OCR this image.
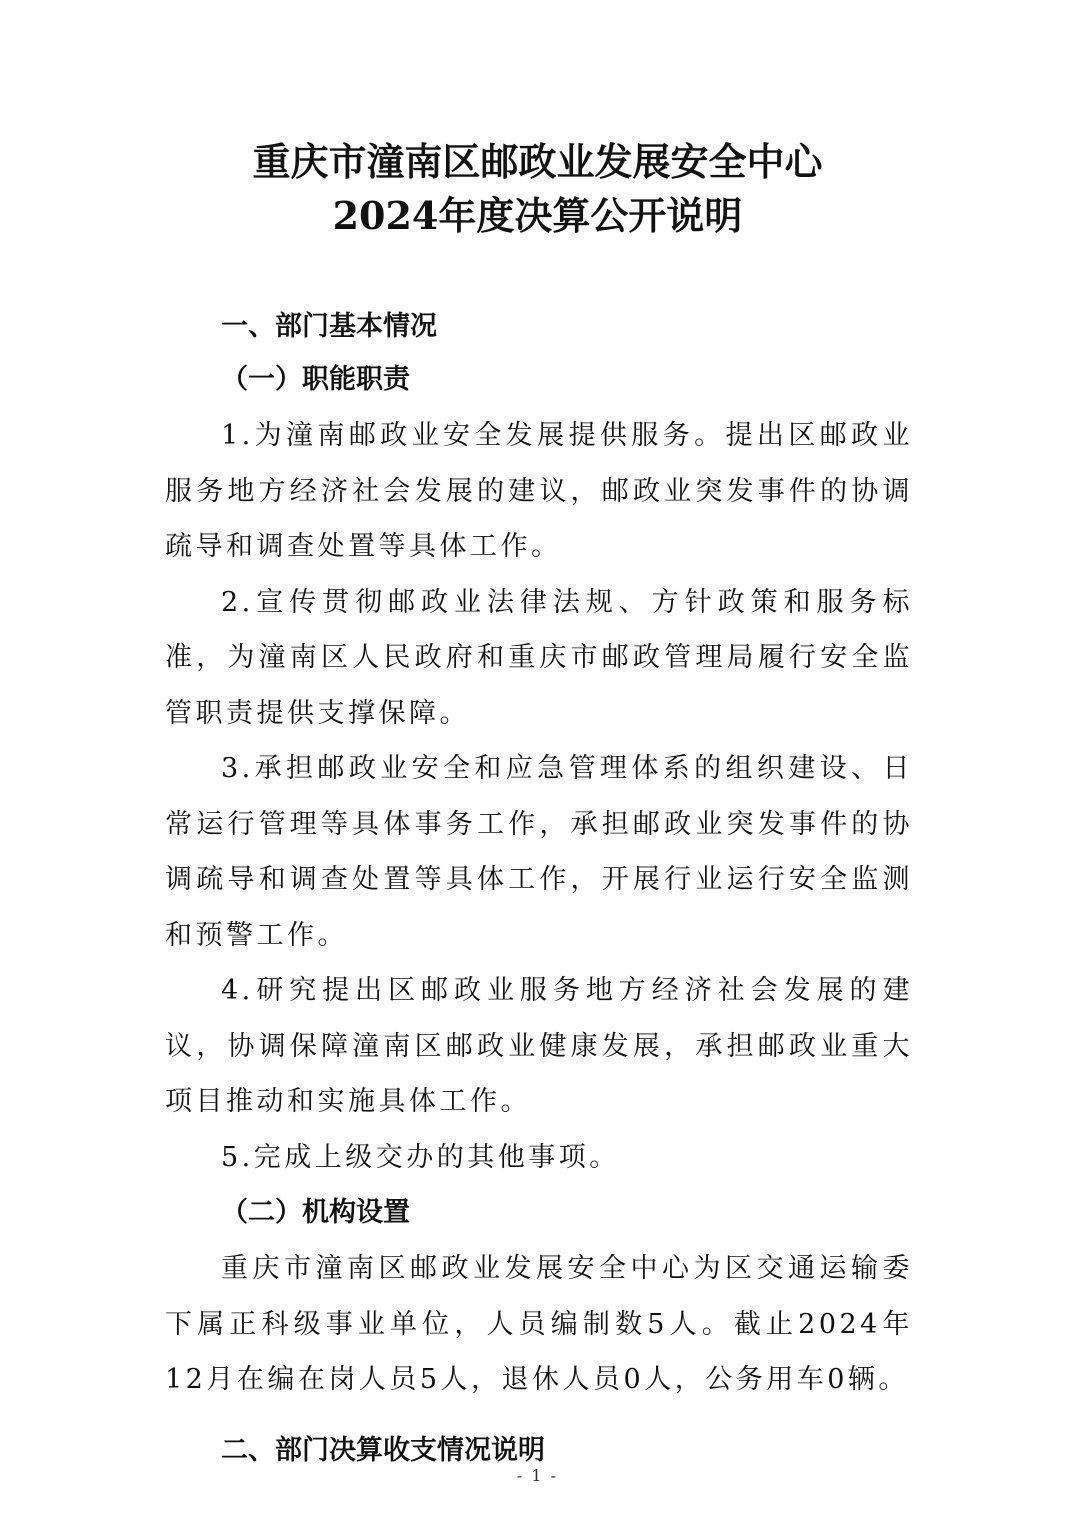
重庆市潼南区邮政业发展安全中心
2024年度决算公开说明

一、部门基本情况

（一）职能职责

1.为潼南邮政业安全发展提供服务。提出区邮政业服务地方经济社会发展的建议，邮政业突发事件的协调疏导和调查处置等具体工作。

2.宣传贯彻邮政业法律法规、方针政策和服务标准，为潼南区人民政府和重庆市邮政管理局履行安全监管职责提供支撑保障。

3.承担邮政业安全和应急管理体系的组织建设、日常运行管理等具体事务工作，承担邮政业突发事件的协调疏导和调查处置等具体工作，开展行业运行安全监测和预警工作。

4.研究提出区邮政业服务地方经济社会发展的建议，协调保障潼南区邮政业健康发展，承担邮政业重大项目推动和实施具体工作。

5.完成上级交办的其他事项。

（二）机构设置

重庆市潼南区邮政业发展安全中心为区交通运输委下属正科级事业单位，人员编制数5人。截止2024年12月在编在岗人员5人，退休人员0人，公务用车0辆。

二、部门决算收支情况说明

- 1 -
